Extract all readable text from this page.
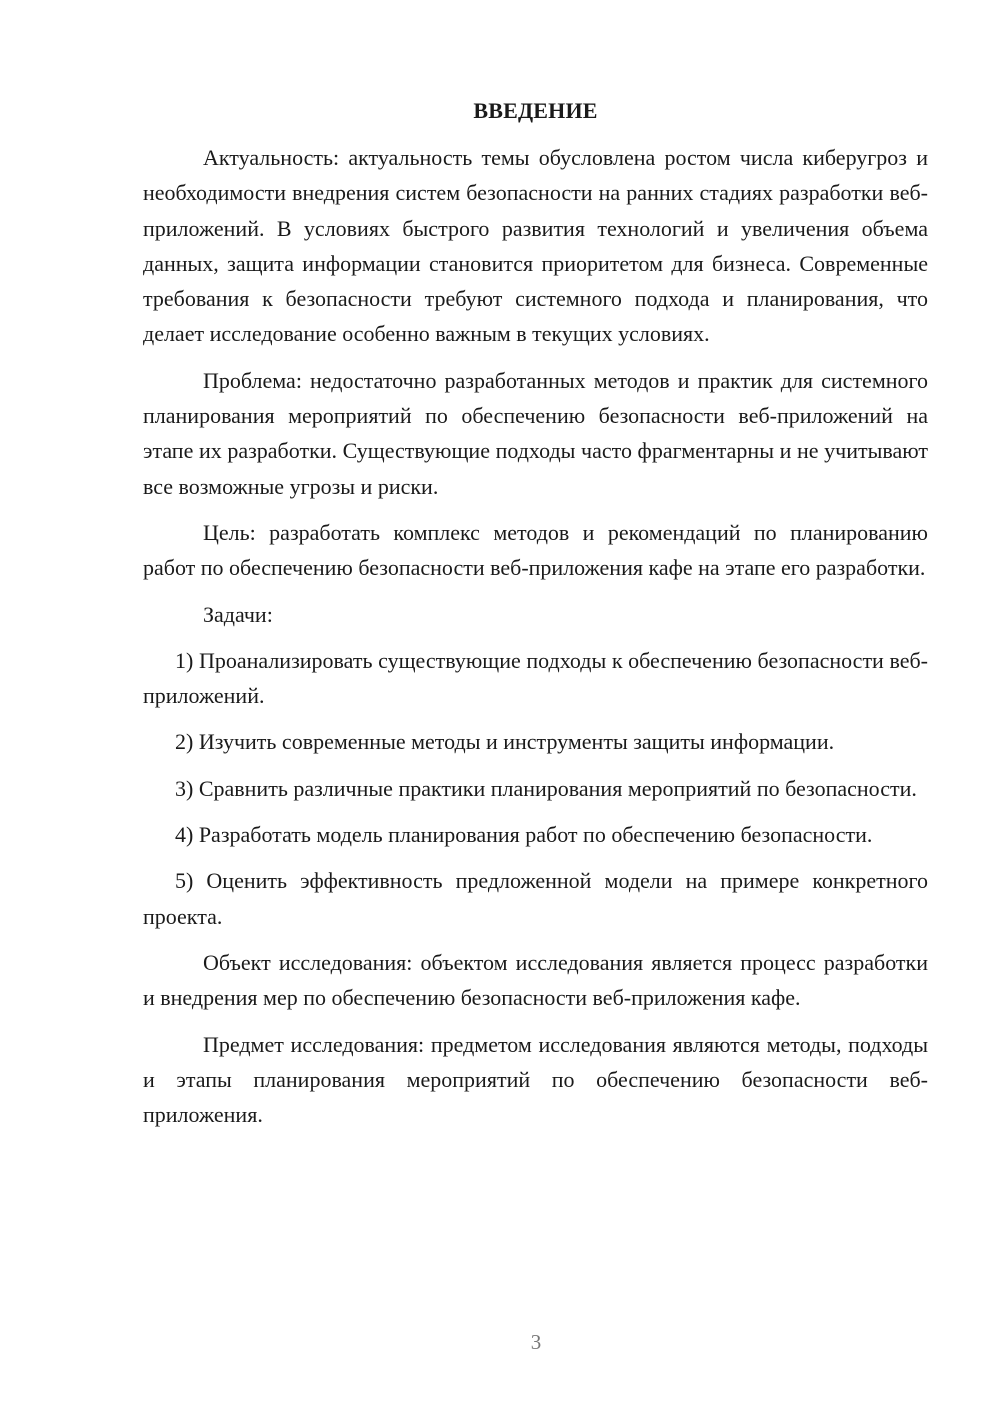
ВВЕДЕНИЕ

Актуальность: актуальность темы обусловлена ростом числа киберугроз и необходимости внедрения систем безопасности на ранних стадиях разработки веб-приложений. В условиях быстрого развития технологий и увеличения объема данных, защита информации становится приоритетом для бизнеса. Современные требования к безопасности требуют системного подхода и планирования, что делает исследование особенно важным в текущих условиях.

Проблема: недостаточно разработанных методов и практик для системного планирования мероприятий по обеспечению безопасности веб-приложений на этапе их разработки. Существующие подходы часто фрагментарны и не учитывают все возможные угрозы и риски.

Цель: разработать комплекс методов и рекомендаций по планированию работ по обеспечению безопасности веб-приложения кафе на этапе его разработки.

Задачи:

1) Проанализировать существующие подходы к обеспечению безопасности веб-приложений.

2) Изучить современные методы и инструменты защиты информации.

3) Сравнить различные практики планирования мероприятий по безопасности.

4) Разработать модель планирования работ по обеспечению безопасности.

5) Оценить эффективность предложенной модели на примере конкретного проекта.

Объект исследования: объектом исследования является процесс разработки и внедрения мер по обеспечению безопасности веб-приложения кафе.

Предмет исследования: предметом исследования являются методы, подходы и этапы планирования мероприятий по обеспечению безопасности веб-приложения.

3
